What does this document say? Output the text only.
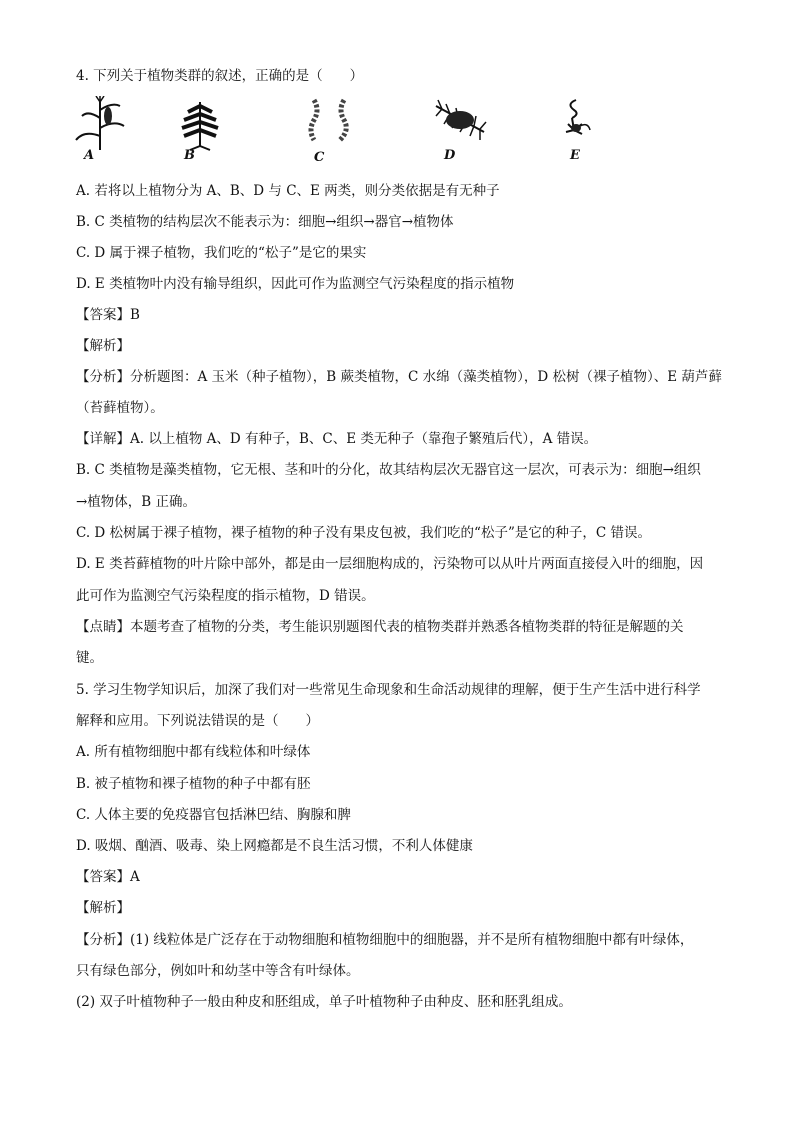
4. 下列关于植物类群的叙述，正确的是（　　）
A	B	C	D	E
A. 若将以上植物分为 A、B、D 与 C、E 两类，则分类依据是有无种子
B. C 类植物的结构层次不能表示为：细胞→组织→器官→植物体
C. D 属于裸子植物，我们吃的“松子”是它的果实
D. E 类植物叶内没有输导组织，因此可作为监测空气污染程度的指示植物
【答案】B
【解析】
【分析】分析题图：A 玉米（种子植物），B 蕨类植物，C 水绵（藻类植物），D 松树（裸子植物）、E 葫芦藓
（苔藓植物）。
【详解】A. 以上植物 A、D 有种子，B、C、E 类无种子（靠孢子繁殖后代），A 错误。
B. C 类植物是藻类植物，它无根、茎和叶的分化，故其结构层次无器官这一层次，可表示为：细胞→组织
→植物体，B 正确。
C. D 松树属于裸子植物，裸子植物的种子没有果皮包被，我们吃的“松子”是它的种子，C 错误。
D. E 类苔藓植物的叶片除中部外，都是由一层细胞构成的，污染物可以从叶片两面直接侵入叶的细胞，因
此可作为监测空气污染程度的指示植物，D 错误。
【点睛】本题考查了植物的分类，考生能识别题图代表的植物类群并熟悉各植物类群的特征是解题的关
键。
5. 学习生物学知识后，加深了我们对一些常见生命现象和生命活动规律的理解，便于生产生活中进行科学
解释和应用。下列说法错误的是（　　）
A. 所有植物细胞中都有线粒体和叶绿体
B. 被子植物和裸子植物的种子中都有胚
C. 人体主要的免疫器官包括淋巴结、胸腺和脾
D. 吸烟、酗酒、吸毒、染上网瘾都是不良生活习惯，不利人体健康
【答案】A
【解析】
【分析】(1) 线粒体是广泛存在于动物细胞和植物细胞中的细胞器，并不是所有植物细胞中都有叶绿体，
只有绿色部分，例如叶和幼茎中等含有叶绿体。
(2) 双子叶植物种子一般由种皮和胚组成，单子叶植物种子由种皮、胚和胚乳组成。
